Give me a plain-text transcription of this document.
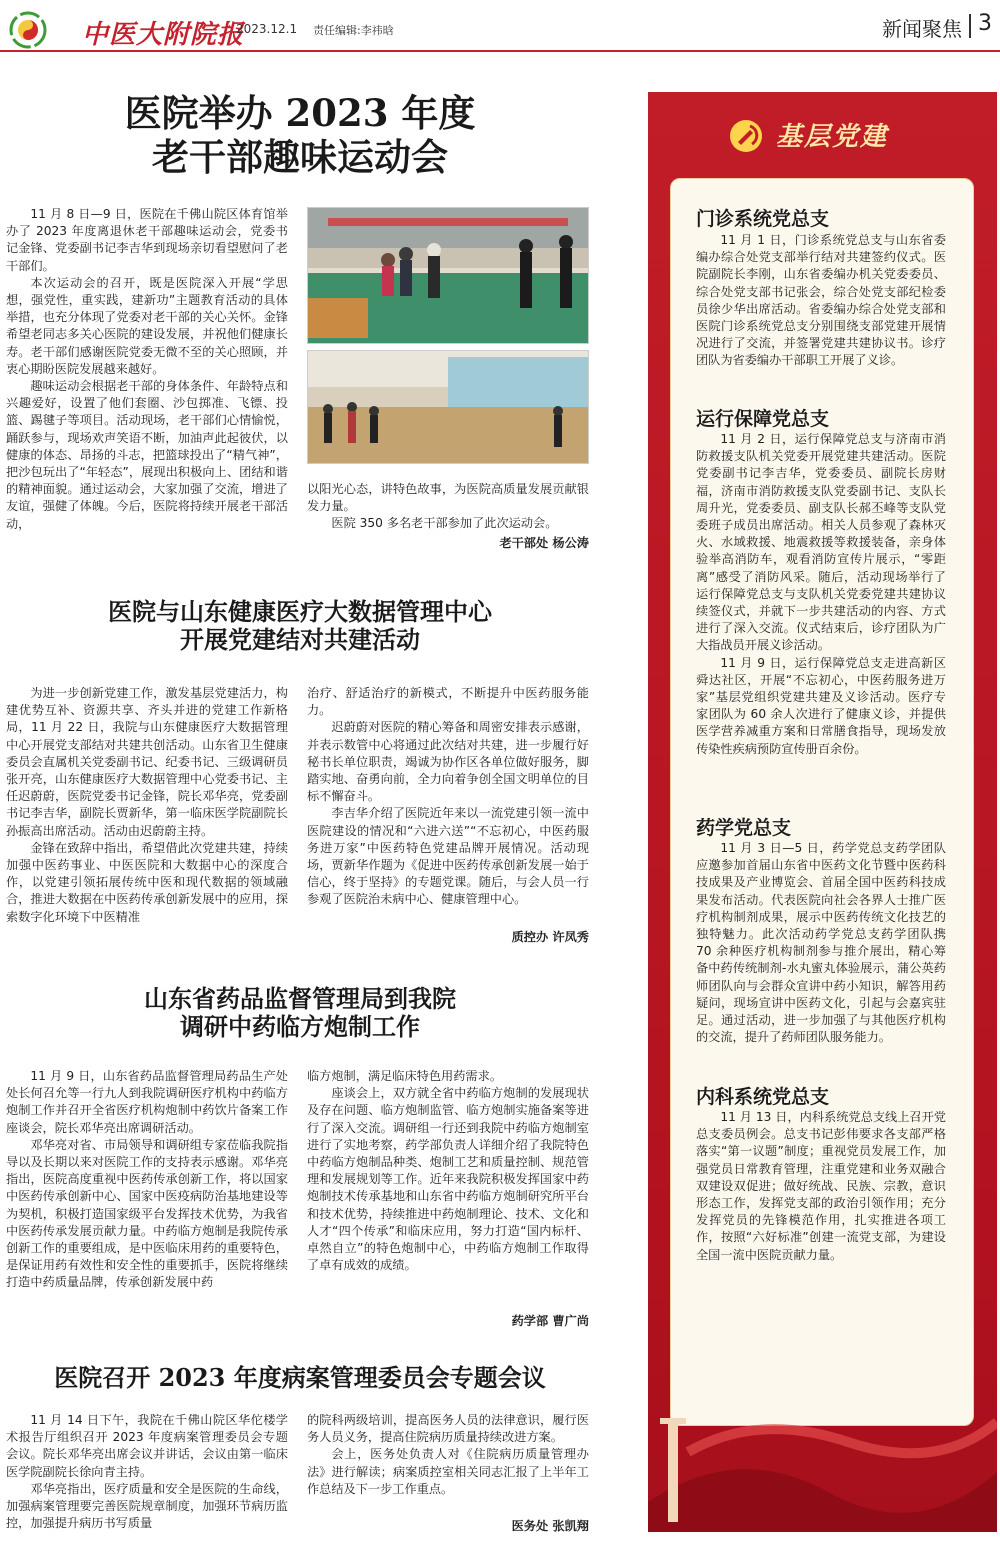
中医大附院报
2023.12.1 责任编辑:李祎晗	新闻聚焦 3
医院举办 2023 年度
老干部趣味运动会

11 月 8 日—9 日，医院在千佛山院区体育馆举办了 2023 年度离退休老干部趣味运动会，党委书记金锋、党委副书记李吉华到现场亲切看望慰问了老干部们。

本次运动会的召开，既是医院深入开展“学思想，强党性，重实践，建新功”主题教育活动的具体举措，也充分体现了党委对老干部的关心关怀。金锋希望老同志多关心医院的建设发展，并祝他们健康长寿。老干部们感谢医院党委无微不至的关心照顾，并衷心期盼医院发展越来越好。

趣味运动会根据老干部的身体条件、年龄特点和兴趣爱好，设置了他们套圈、沙包掷准、飞镖、投篮、踢毽子等项目。活动现场，老干部们心情愉悦，踊跃参与，现场欢声笑语不断，加油声此起彼伏，以健康的体态、昂扬的斗志，把篮球投出了“精气神”，把沙包玩出了“年轻态”，展现出积极向上、团结和谐的精神面貌。通过运动会，大家加强了交流，增进了友谊，强健了体魄。今后，医院将持续开展老干部活动，

以阳光心态，讲特色故事，为医院高质量发展贡献银发力量。

医院 350 多名老干部参加了此次运动会。

老干部处 杨公涛
医院与山东健康医疗大数据管理中心
开展党建结对共建活动

为进一步创新党建工作，激发基层党建活力，构建优势互补、资源共享、齐头并进的党建工作新格局，11 月 22 日，我院与山东健康医疗大数据管理中心开展党支部结对共建共创活动。山东省卫生健康委员会直属机关党委副书记、纪委书记、三级调研员张开亮，山东健康医疗大数据管理中心党委书记、主任迟蔚蔚，医院党委书记金锋，院长邓华亮，党委副书记李吉华，副院长贾新华，第一临床医学院副院长孙振高出席活动。活动由迟蔚蔚主持。

金锋在致辞中指出，希望借此次党建共建，持续加强中医药事业、中医医院和大数据中心的深度合作，以党建引领拓展传统中医和现代数据的领域融合，推进大数据在中医药传承创新发展中的应用，探索数字化环境下中医精准

治疗、舒适治疗的新模式，不断提升中医药服务能力。

迟蔚蔚对医院的精心筹备和周密安排表示感谢，并表示数管中心将通过此次结对共建，进一步履行好秘书长单位职责，竭诚为协作区各单位做好服务，脚踏实地、奋勇向前，全力向着争创全国文明单位的目标不懈奋斗。

李吉华介绍了医院近年来以一流党建引领一流中医院建设的情况和“六进六送”“不忘初心，中医药服务进万家”中医药特色党建品牌开展情况。活动现场，贾新华作题为《促进中医药传承创新发展一始于信心，终于坚持》的专题党课。随后，与会人员一行参观了医院治未病中心、健康管理中心。

质控办 许凤秀
山东省药品监督管理局到我院
调研中药临方炮制工作

11 月 9 日，山东省药品监督管理局药品生产处处长何召允等一行九人到我院调研医疗机构中药临方炮制工作并召开全省医疗机构炮制中药饮片备案工作座谈会，院长邓华亮出席调研活动。

邓华亮对省、市局领导和调研组专家莅临我院指导以及长期以来对医院工作的支持表示感谢。邓华亮指出，医院高度重视中医药传承创新工作，将以国家中医药传承创新中心、国家中医疫病防治基地建设等为契机，积极打造国家级平台发挥技术优势，为我省中医药传承发展贡献力量。中药临方炮制是我院传承创新工作的重要组成，是中医临床用药的重要特色，是保证用药有效性和安全性的重要抓手，医院将继续打造中药质量品牌，传承创新发展中药

临方炮制，满足临床特色用药需求。

座谈会上，双方就全省中药临方炮制的发展现状及存在问题、临方炮制监管、临方炮制实施备案等进行了深入交流。调研组一行还到我院中药临方炮制室进行了实地考察，药学部负责人详细介绍了我院特色中药临方炮制品种类、炮制工艺和质量控制、规范管理和发展规划等工作。近年来我院积极发挥国家中药炮制技术传承基地和山东省中药临方炮制研究所平台和技术优势，持续推进中药炮制理论、技术、文化和人才“四个传承”和临床应用，努力打造“国内标杆、卓然自立”的特色炮制中心，中药临方炮制工作取得了卓有成效的成绩。

药学部 曹广尚
医院召开 2023 年度病案管理委员会专题会议

11 月 14 日下午，我院在千佛山院区华佗楼学术报告厅组织召开 2023 年度病案管理委员会专题会议。院长邓华亮出席会议并讲话，会议由第一临床医学院副院长徐向青主持。

邓华亮指出，医疗质量和安全是医院的生命线，加强病案管理要完善医院规章制度，加强环节病历监控，加强提升病历书写质量

的院科两级培训，提高医务人员的法律意识，履行医务人员义务，提高住院病历质量持续改进方案。

会上，医务处负责人对《住院病历质量管理办法》进行解读；病案质控室相关同志汇报了上半年工作总结及下一步工作重点。

医务处 张凯翔
基层党建
门诊系统党总支

11 月 1 日，门诊系统党总支与山东省委编办综合处党支部举行结对共建签约仪式。医院副院长李刚，山东省委编办机关党委委员、综合处党支部书记张会，综合处党支部纪检委员徐少华出席活动。省委编办综合处党支部和医院门诊系统党总支分别围绕支部党建开展情况进行了交流，并签署党建共建协议书。诊疗团队为省委编办干部职工开展了义诊。

运行保障党总支

11 月 2 日，运行保障党总支与济南市消防救援支队机关党委开展党建共建活动。医院党委副书记李吉华，党委委员、副院长房财福，济南市消防救援支队党委副书记、支队长周升光，党委委员、副支队长郝丕峰等支队党委班子成员出席活动。相关人员参观了森林灭火、水域救援、地震救援等救援装备，亲身体验举高消防车，观看消防宣传片展示，“零距离”感受了消防风采。随后，活动现场举行了运行保障党总支与支队机关党委党建共建协议续签仪式，并就下一步共建活动的内容、方式进行了深入交流。仪式结束后，诊疗团队为广大指战员开展义诊活动。

11 月 9 日，运行保障党总支走进高新区舜达社区，开展“不忘初心，中医药服务进万家”基层党组织党建共建及义诊活动。医疗专家团队为 60 余人次进行了健康义诊，并提供医学营养减重方案和日常膳食指导，现场发放传染性疾病预防宣传册百余份。

药学党总支

11 月 3 日—5 日，药学党总支药学团队应邀参加首届山东省中医药文化节暨中医药科技成果及产业博览会、首届全国中医药科技成果发布活动。代表医院向社会各界人士推广医疗机构制剂成果，展示中医药传统文化技艺的独特魅力。此次活动药学党总支药学团队携 70 余种医疗机构制剂参与推介展出，精心筹备中药传统制剂-水丸蜜丸体验展示，蒲公英药师团队向与会群众宣讲中药小知识，解答用药疑问，现场宣讲中医药文化，引起与会嘉宾驻足。通过活动，进一步加强了与其他医疗机构的交流，提升了药师团队服务能力。

内科系统党总支

11 月 13 日，内科系统党总支线上召开党总支委员例会。总支书记彭伟要求各支部严格落实“第一议题”制度；重视党员发展工作，加强党员日常教育管理，注重党建和业务双融合双建设双促进；做好统战、民族、宗教，意识形态工作，发挥党支部的政治引领作用；充分发挥党员的先锋模范作用，扎实推进各项工作，按照“六好标准”创建一流党支部，为建设全国一流中医院贡献力量。
